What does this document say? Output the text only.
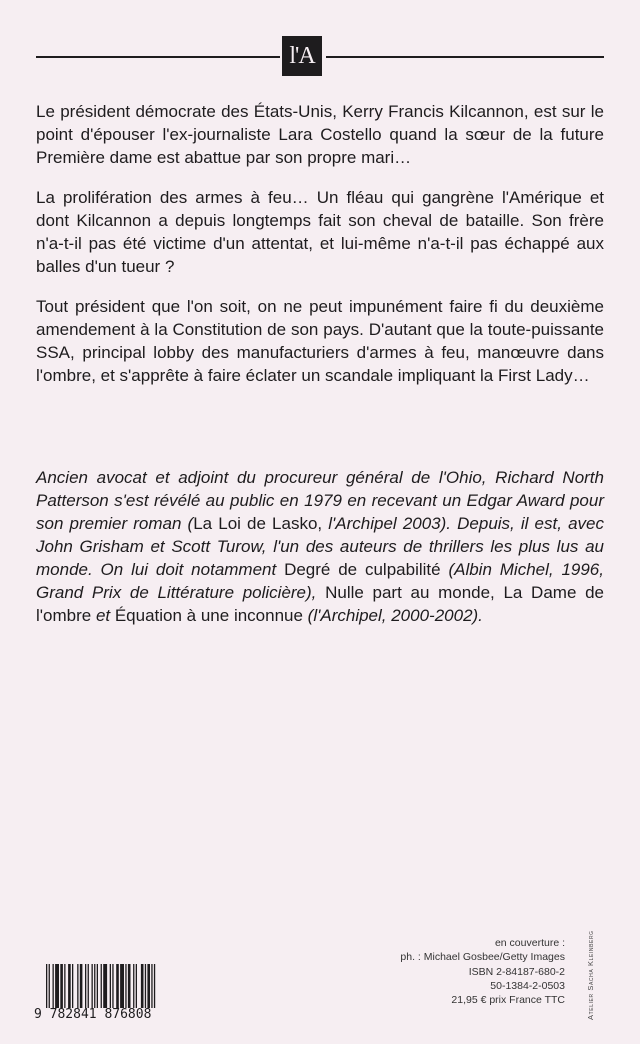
l'A

Le président démocrate des États-Unis, Kerry Francis Kilcannon, est sur le point d'épouser l'ex-journaliste Lara Costello quand la sœur de la future Première dame est abattue par son propre mari…

La prolifération des armes à feu… Un fléau qui gangrène l'Amérique et dont Kilcannon a depuis longtemps fait son cheval de bataille. Son frère n'a-t-il pas été victime d'un attentat, et lui-même n'a-t-il pas échappé aux balles d'un tueur ?

Tout président que l'on soit, on ne peut impunément faire fi du deuxième amendement à la Constitution de son pays. D'autant que la toute-puissante SSA, principal lobby des manufacturiers d'armes à feu, manœuvre dans l'ombre, et s'apprête à faire éclater un scandale impliquant la First Lady…

Ancien avocat et adjoint du procureur général de l'Ohio, Richard North Patterson s'est révélé au public en 1979 en recevant un Edgar Award pour son premier roman (La Loi de Lasko, l'Archipel 2003). Depuis, il est, avec John Grisham et Scott Turow, l'un des auteurs de thrillers les plus lus au monde. On lui doit notamment Degré de culpabilité (Albin Michel, 1996, Grand Prix de Littérature policière), Nulle part au monde, La Dame de l'ombre et Équation à une inconnue (l'Archipel, 2000-2002).

9 782841 876808
en couverture :
ph. : Michael Gosbee/Getty Images
ISBN 2-84187-680-2
50-1384-2-0503
21,95 € prix France TTC	Atelier Sacha Kleinberg
